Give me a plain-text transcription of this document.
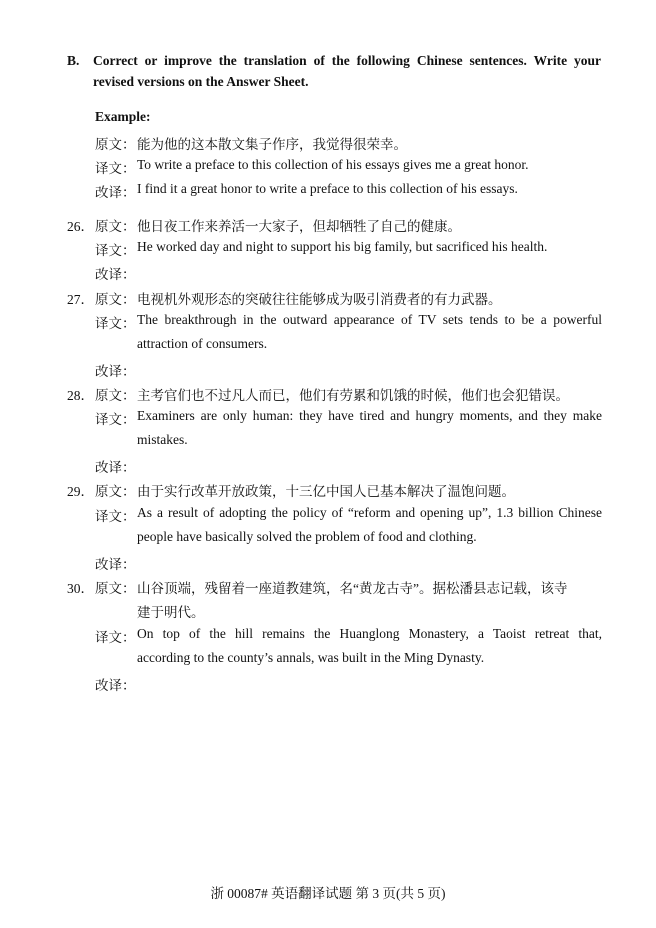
B. Correct or improve the translation of the following Chinese sentences. Write your
revised versions on the Answer Sheet.
Example:
原文： 能为他的这本散文集子作序，我觉得很荣幸。
译文： To write a preface to this collection of his essays gives me a great honor.
改译： I find it a great honor to write a preface to this collection of his essays.
26． 原文： 他日夜工作来养活一大家子，但却牺牲了自己的健康。
译文： He worked day and night to support his big family, but sacrificed his health.
改译：
27． 原文： 电视机外观形态的突破往往能够成为吸引消费者的有力武器。
译文： The breakthrough in the outward appearance of TV sets tends to be a powerful
attraction of consumers.
改译：
28． 原文： 主考官们也不过凡人而已，他们有劳累和饥饿的时候，他们也会犯错误。
译文： Examiners are only human: they have tired and hungry moments, and they make
mistakes.
改译：
29． 原文： 由于实行改革开放政策，十三亿中国人已基本解决了温饱问题。
译文： As a result of adopting the policy of “reform and opening up”, 1.3 billion Chinese
people have basically solved the problem of food and clothing.
改译：
30． 原文： 山谷顶端，残留着一座道教建筑，名“黄龙古寺”。据松潘县志记载，该寺
建于明代。
译文： On top of the hill remains the Huanglong Monastery, a Taoist retreat that,
according to the county’s annals, was built in the Ming Dynasty.
改译：
浙 00087# 英语翻译试题 第 3 页(共 5 页)
